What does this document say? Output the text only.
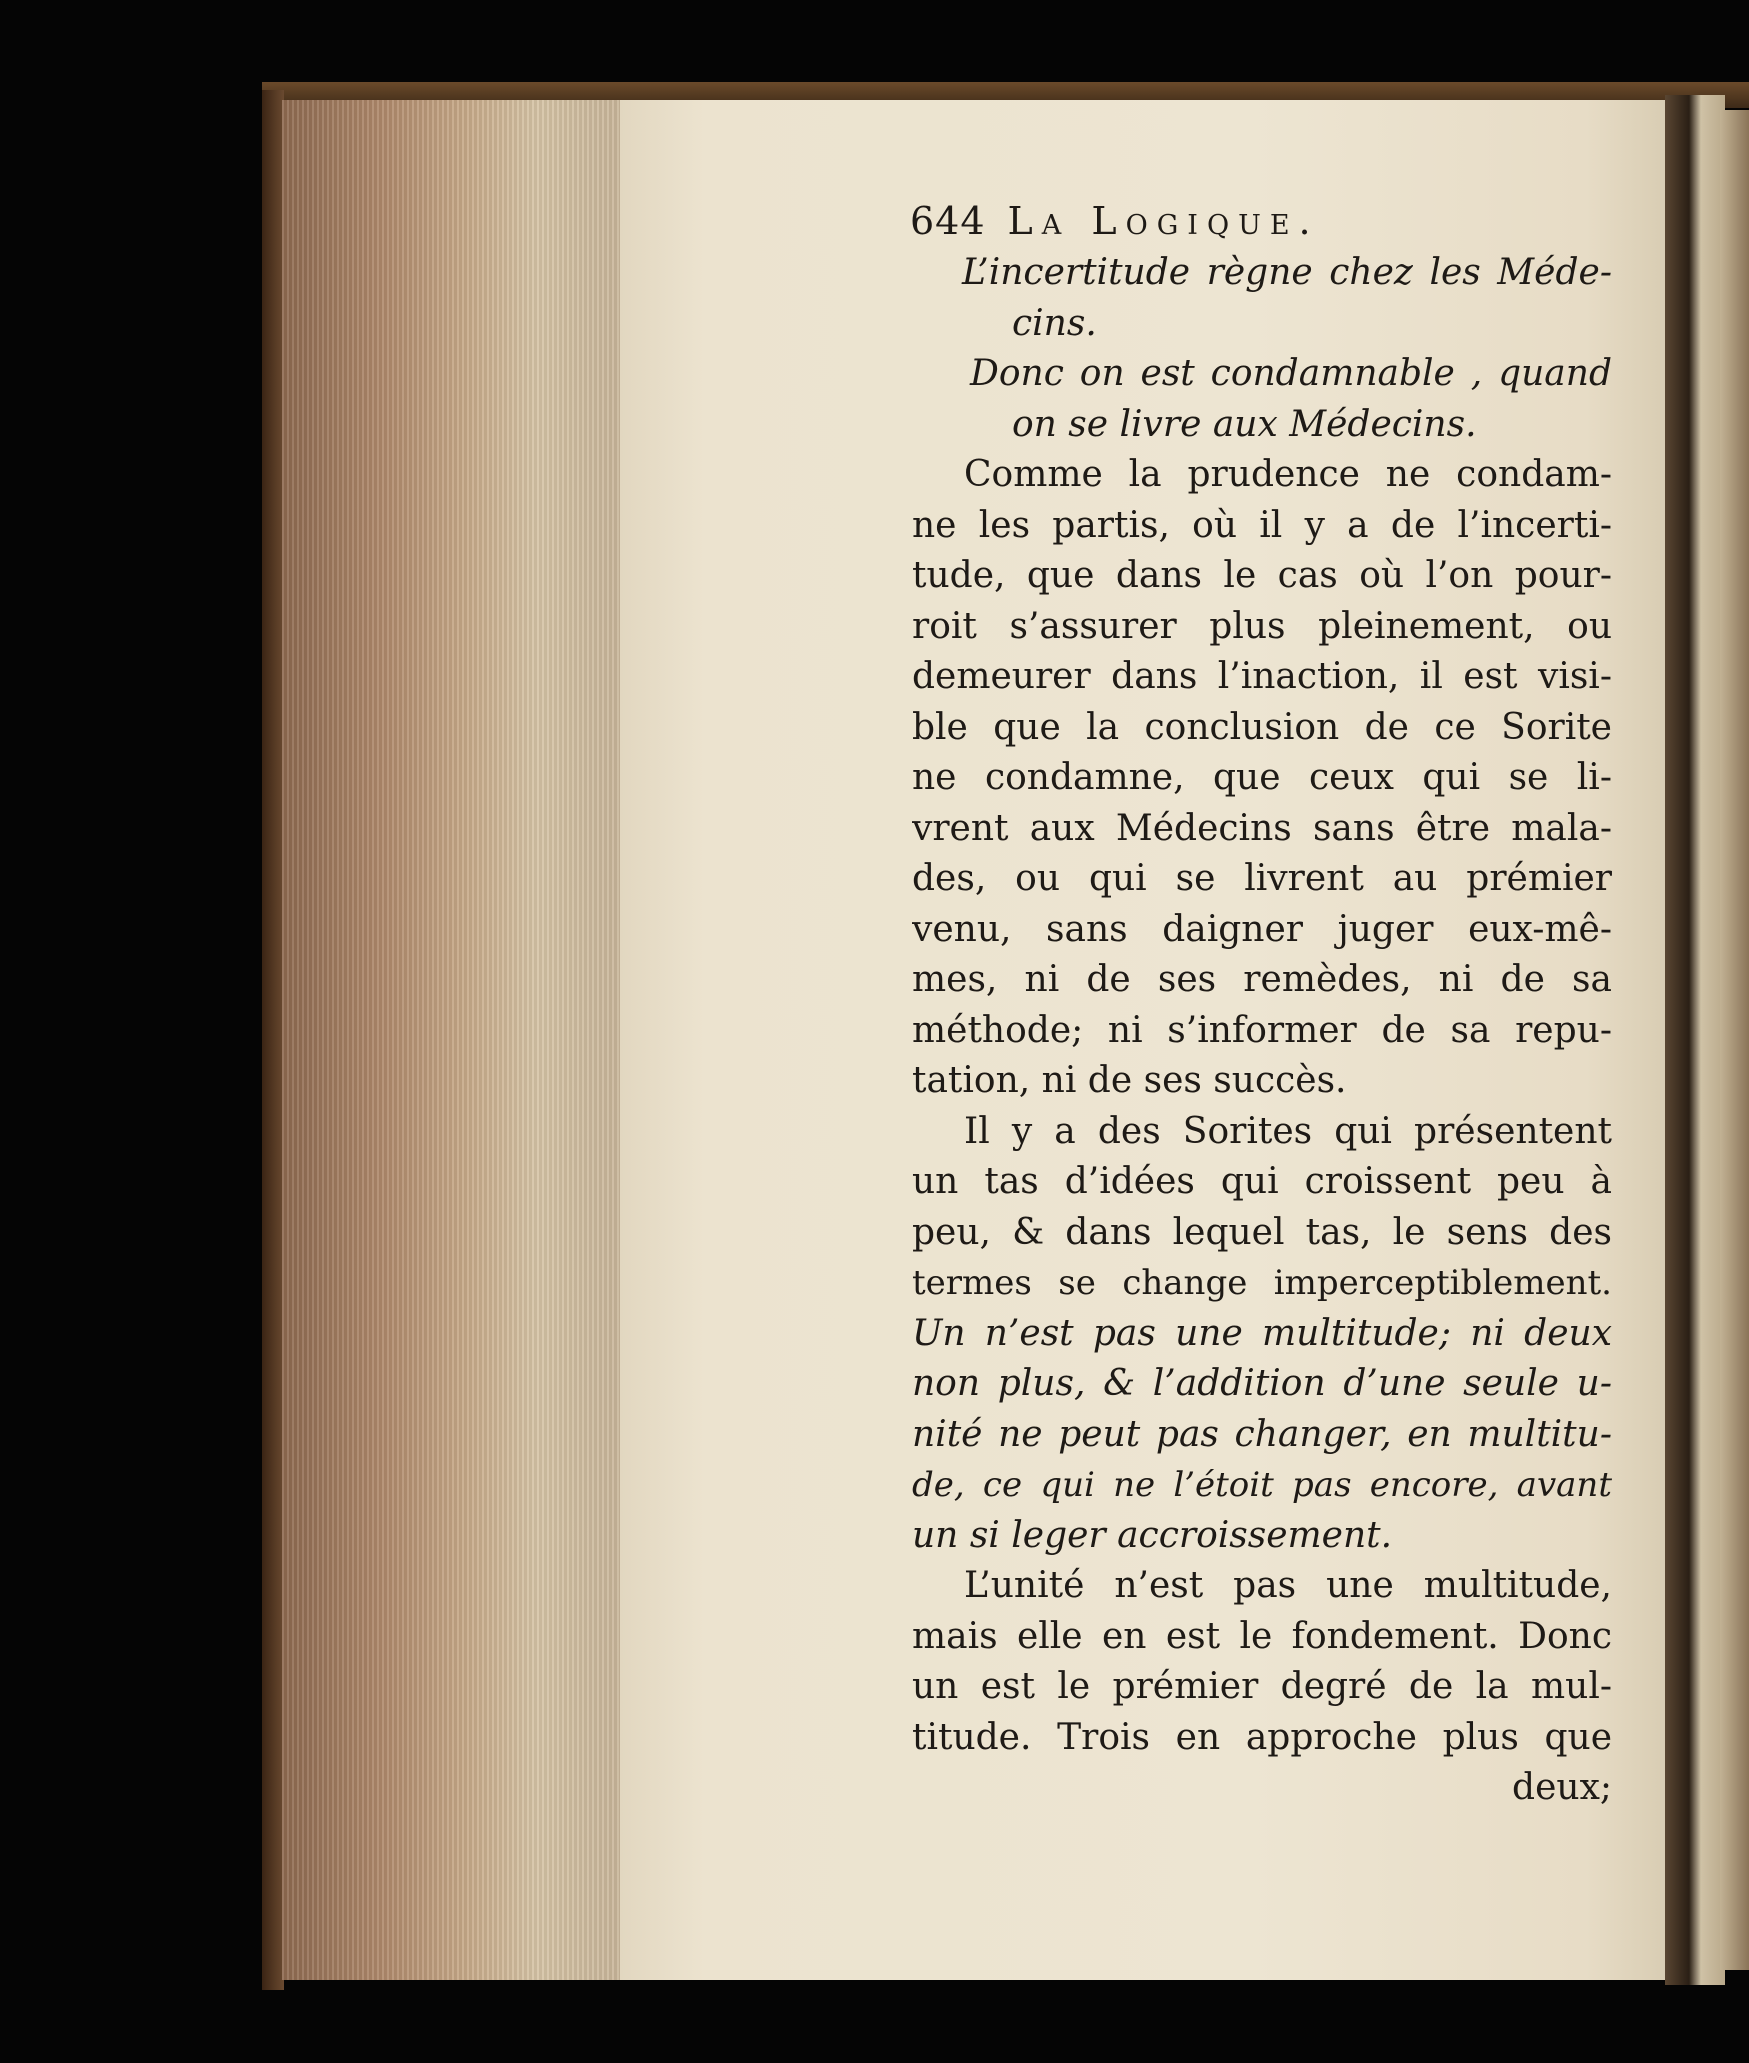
644 La Logique.
L’incertitude règne chez les Méde-
cins.
Donc on est condamnable , quand
on se livre aux Médecins.
Comme la prudence ne condam-
ne les partis, où il y a de l’incerti-
tude, que dans le cas où l’on pour-
roit s’assurer plus pleinement, ou
demeurer dans l’inaction, il est visi-
ble que la conclusion de ce Sorite
ne condamne, que ceux qui se li-
vrent aux Médecins sans être mala-
des, ou qui se livrent au prémier
venu, sans daigner juger eux-mê-
mes, ni de ses remèdes, ni de sa
méthode; ni s’informer de sa repu-
tation, ni de ses succès.
Il y a des Sorites qui présentent
un tas d’idées qui croissent peu à
peu, & dans lequel tas, le sens des
termes se change imperceptiblement.
Un n’est pas une multitude; ni deux
non plus, & l’addition d’une seule u-
nité ne peut pas changer, en multitu-
de, ce qui ne l’étoit pas encore, avant
un si leger accroissement.
L’unité n’est pas une multitude,
mais elle en est le fondement. Donc
un est le prémier degré de la mul-
titude. Trois en approche plus que
deux;
